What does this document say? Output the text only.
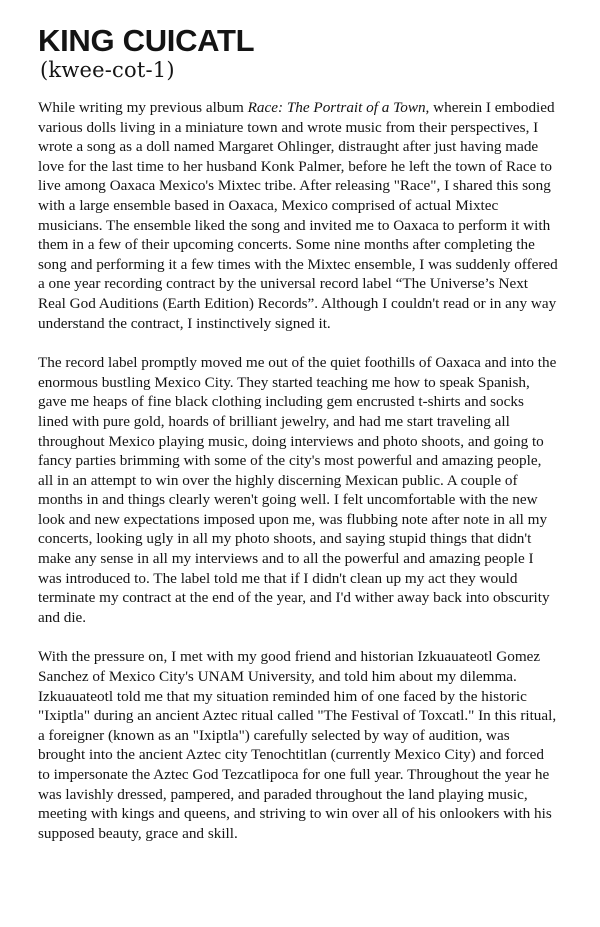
KING CUICATL
(kwee-cot-1)

While writing my previous album Race: The Portrait of a Town, wherein I embodied various dolls living in a miniature town and wrote music from their perspectives, I wrote a song as a doll named Margaret Ohlinger, distraught after just having made love for the last time to her husband Konk Palmer, before he left the town of Race to live among Oaxaca Mexico's Mixtec tribe. After releasing "Race", I shared this song with a large ensemble based in Oaxaca, Mexico comprised of actual Mixtec musicians. The ensemble liked the song and invited me to Oaxaca to perform it with them in a few of their upcoming concerts. Some nine months after completing the song and performing it a few times with the Mixtec ensemble, I was suddenly offered a one year recording contract by the universal record label “The Universe’s Next Real God Auditions (Earth Edition) Records”. Although I couldn't read or in any way understand the contract, I instinctively signed it.

The record label promptly moved me out of the quiet foothills of Oaxaca and into the enormous bustling Mexico City. They started teaching me how to speak Spanish, gave me heaps of fine black clothing including gem encrusted t-shirts and socks lined with pure gold, hoards of brilliant jewelry, and had me start traveling all throughout Mexico playing music, doing interviews and photo shoots, and going to fancy parties brimming with some of the city's most powerful and amazing people, all in an attempt to win over the highly discerning Mexican public. A couple of months in and things clearly weren't going well. I felt uncomfortable with the new look and new expectations imposed upon me, was flubbing note after note in all my concerts, looking ugly in all my photo shoots, and saying stupid things that didn't make any sense in all my interviews and to all the powerful and amazing people I was introduced to. The label told me that if I didn't clean up my act they would terminate my contract at the end of the year, and I'd wither away back into obscurity and die.

With the pressure on, I met with my good friend and historian Izkuauateotl Gomez Sanchez of Mexico City's UNAM University, and told him about my dilemma. Izkuauateotl told me that my situation reminded him of one faced by the historic "Ixiptla" during an ancient Aztec ritual called "The Festival of Toxcatl." In this ritual, a foreigner (known as an "Ixiptla") carefully selected by way of audition, was brought into the ancient Aztec city Tenochtitlan (currently Mexico City) and forced to impersonate the Aztec God Tezcatlipoca for one full year. Throughout the year he was lavishly dressed, pampered, and paraded throughout the land playing music, meeting with kings and queens, and striving to win over all of his onlookers with his supposed beauty, grace and skill.
